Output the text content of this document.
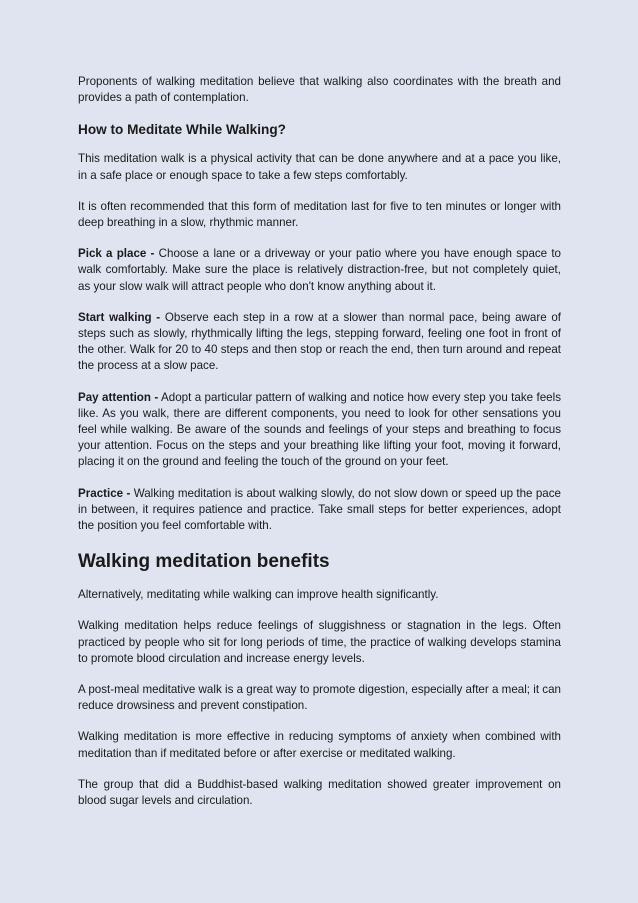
Proponents of walking meditation believe that walking also coordinates with the breath and provides a path of contemplation.

How to Meditate While Walking?

This meditation walk is a physical activity that can be done anywhere and at a pace you like, in a safe place or enough space to take a few steps comfortably.

It is often recommended that this form of meditation last for five to ten minutes or longer with deep breathing in a slow, rhythmic manner.

Pick a place - Choose a lane or a driveway or your patio where you have enough space to walk comfortably. Make sure the place is relatively distraction-free, but not completely quiet, as your slow walk will attract people who don't know anything about it.

Start walking - Observe each step in a row at a slower than normal pace, being aware of steps such as slowly, rhythmically lifting the legs, stepping forward, feeling one foot in front of the other. Walk for 20 to 40 steps and then stop or reach the end, then turn around and repeat the process at a slow pace.

Pay attention - Adopt a particular pattern of walking and notice how every step you take feels like. As you walk, there are different components, you need to look for other sensations you feel while walking. Be aware of the sounds and feelings of your steps and breathing to focus your attention. Focus on the steps and your breathing like lifting your foot, moving it forward, placing it on the ground and feeling the touch of the ground on your feet.

Practice - Walking meditation is about walking slowly, do not slow down or speed up the pace in between, it requires patience and practice. Take small steps for better experiences, adopt the position you feel comfortable with.

Walking meditation benefits

Alternatively, meditating while walking can improve health significantly.

Walking meditation helps reduce feelings of sluggishness or stagnation in the legs. Often practiced by people who sit for long periods of time, the practice of walking develops stamina to promote blood circulation and increase energy levels.

A post-meal meditative walk is a great way to promote digestion, especially after a meal; it can reduce drowsiness and prevent constipation.

Walking meditation is more effective in reducing symptoms of anxiety when combined with meditation than if meditated before or after exercise or meditated walking.

The group that did a Buddhist-based walking meditation showed greater improvement on blood sugar levels and circulation.
